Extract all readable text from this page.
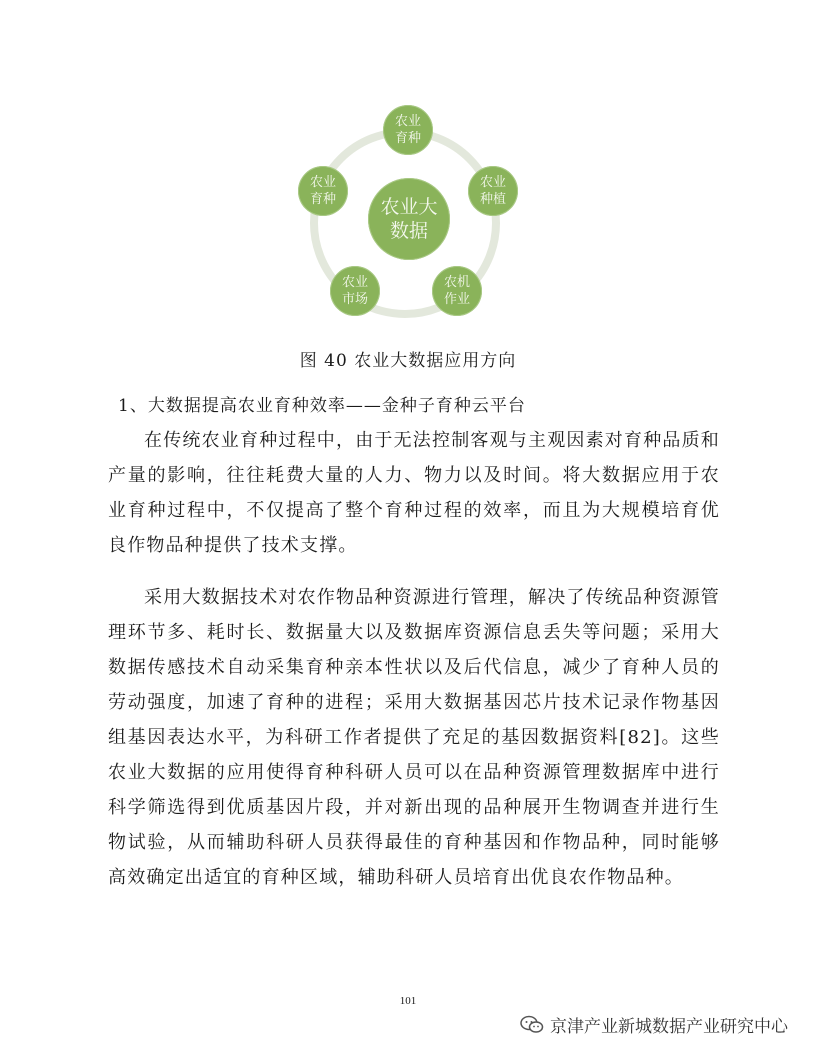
农业育种
农业种植
农机作业
农业市场
农业育种	农业大数据
图 40 农业大数据应用方向
1、大数据提高农业育种效率——金种子育种云平台

在传统农业育种过程中，由于无法控制客观与主观因素对育种品质和产量的影响，往往耗费大量的人力、物力以及时间。将大数据应用于农业育种过程中，不仅提高了整个育种过程的效率，而且为大规模培育优良作物品种提供了技术支撑。

采用大数据技术对农作物品种资源进行管理，解决了传统品种资源管理环节多、耗时长、数据量大以及数据库资源信息丢失等问题；采用大数据传感技术自动采集育种亲本性状以及后代信息，减少了育种人员的劳动强度，加速了育种的进程；采用大数据基因芯片技术记录作物基因组基因表达水平，为科研工作者提供了充足的基因数据资料[82]。这些农业大数据的应用使得育种科研人员可以在品种资源管理数据库中进行科学筛选得到优质基因片段，并对新出现的品种展开生物调查并进行生物试验，从而辅助科研人员获得最佳的育种基因和作物品种，同时能够高效确定出适宜的育种区域，辅助科研人员培育出优良农作物品种。

101
京津产业新城数据产业研究中心
